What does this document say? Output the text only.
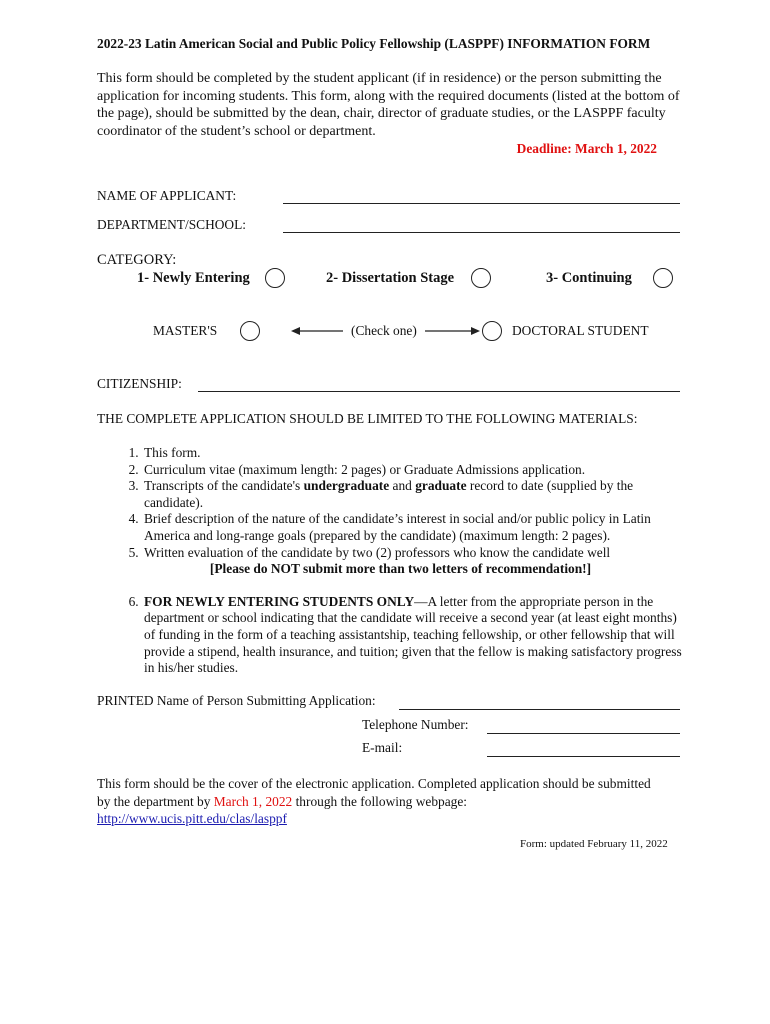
2022-23 Latin American Social and Public Policy Fellowship (LASPPF) INFORMATION FORM
This form should be completed by the student applicant (if in residence) or the person submitting the application for incoming students. This form, along with the required documents (listed at the bottom of the page), should be submitted by the dean, chair, director of graduate studies, or the LASPPF faculty coordinator of the student’s school or department.
Deadline: March 1, 2022
NAME OF APPLICANT:
DEPARTMENT/SCHOOL:
CATEGORY:
1- Newly Entering	2- Dissertation Stage	3- Continuing
MASTER'S	(Check one)	DOCTORAL STUDENT
CITIZENSHIP:
THE COMPLETE APPLICATION SHOULD BE LIMITED TO THE FOLLOWING MATERIALS:
1. This form.
2. Curriculum vitae (maximum length: 2 pages) or Graduate Admissions application.
3. Transcripts of the candidate's undergraduate and graduate record to date (supplied by the candidate).
4. Brief description of the nature of the candidate’s interest in social and/or public policy in Latin America and long-range goals (prepared by the candidate) (maximum length: 2 pages).
5. Written evaluation of the candidate by two (2) professors who know the candidate well
[Please do NOT submit more than two letters of recommendation!]
6. FOR NEWLY ENTERING STUDENTS ONLY—A letter from the appropriate person in the department or school indicating that the candidate will receive a second year (at least eight months) of funding in the form of a teaching assistantship, teaching fellowship, or other fellowship that will provide a stipend, health insurance, and tuition; given that the fellow is making satisfactory progress in his/her studies.
PRINTED Name of Person Submitting Application:
Telephone Number:
E-mail:
This form should be the cover of the electronic application. Completed application should be submitted by the department by March 1, 2022 through the following webpage:
http://www.ucis.pitt.edu/clas/lasppf
Form: updated February 11, 2022
